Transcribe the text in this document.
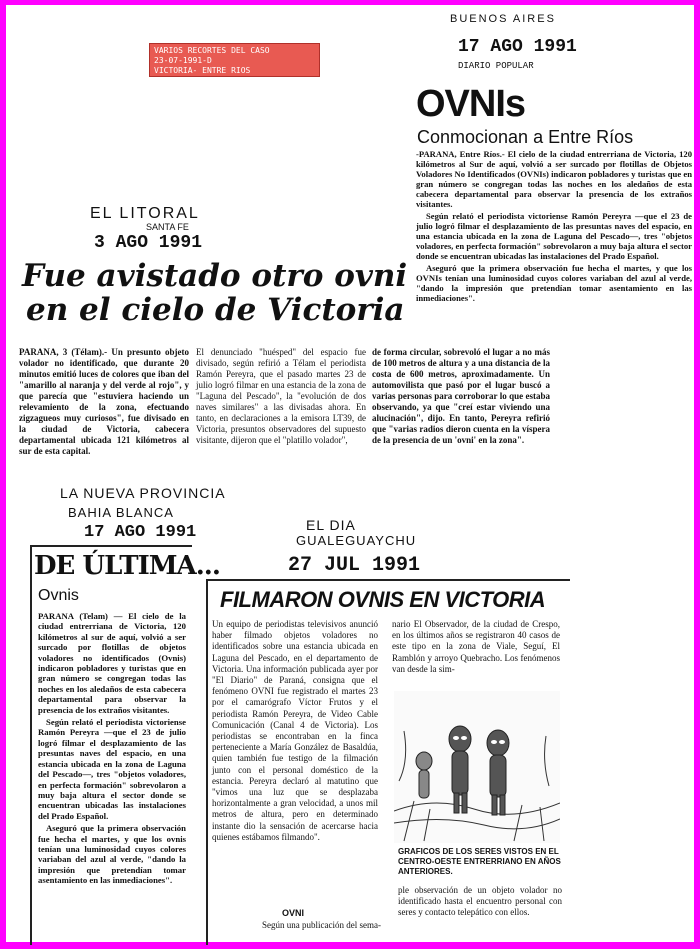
VARIOS RECORTES DEL CASO
23-07-1991-D
VICTORIA- ENTRE RIOS
BUENOS AIRES
17 AGO 1991
DIARIO POPULAR
OVNIs
Conmocionan a Entre Ríos

-PARANA, Entre Ríos.- El cielo de la ciudad entrerriana de Victoria, 120 kilómetros al Sur de aquí, volvió a ser surcado por flotillas de Objetos Voladores No Identificados (OVNIs) indicaron pobladores y turistas que en gran número se congregan todas las noches en los aledaños de esta cabecera departamental para observar la presencia de los extraños visitantes.

Según relató el periodista victoriense Ramón Pereyra —que el 23 de julio logró filmar el desplazamiento de las presuntas naves del espacio, en una estancia ubicada en la zona de Laguna del Pescado—, tres "objetos voladores, en perfecta formación" sobrevolaron a muy baja altura el sector donde se encuentran ubicadas las instalaciones del Prado Español.

Aseguró que la primera observación fue hecha el martes, y que los OVNIs tenían una luminosidad cuyos colores variaban del azul al verde, "dando la impresión que pretendían tomar asentamiento en las inmediaciones".

EL LITORAL
SANTA FE
3 AGO 1991
Fue avistado otro ovni
en el cielo de Victoria
PARANA, 3 (Télam).- Un presunto objeto volador no identificado, que durante 20 minutos emitió luces de colores que iban del "amarillo al naranja y del verde al rojo", y que parecía que "estuviera haciendo un relevamiento de la zona, efectuando zigzagueos muy curiosos", fue divisado en la ciudad de Victoria, cabecera departamental ubicada 121 kilómetros al sur de esta capital.
El denunciado "huésped" del espacio fue divisado, según refirió a Télam el periodista Ramón Pereyra, que el pasado martes 23 de julio logró filmar en una estancia de la zona de "Laguna del Pescado", la "evolución de dos naves similares" a las divisadas ahora. En tanto, en declaraciones a la emisora LT39, de Victoria, presuntos observadores del supuesto visitante, dijeron que el "platillo volador",
de forma circular, sobrevoló el lugar a no más de 100 metros de altura y a una distancia de la costa de 600 metros, aproximadamente. Un automovilista que pasó por el lugar buscó a varias personas para corroborar lo que estaba observando, ya que "creí estar viviendo una alucinación", dijo. En tanto, Pereyra refirió que "varias radios dieron cuenta en la víspera de la presencia de un 'ovni' en la zona".
LA NUEVA PROVINCIA
BAHIA BLANCA
17 AGO 1991
DE ÚLTIMA...
Ovnis

PARANA (Telam) — El cielo de la ciudad entrerriana de Victoria, 120 kilómetros al sur de aquí, volvió a ser surcado por flotillas de objetos voladores no identificados (Ovnis) indicaron pobladores y turistas que en gran número se congregan todas las noches en los aledaños de esta cabecera departamental para observar la presencia de los extraños visitantes.

Según relató el periodista victoriense Ramón Pereyra —que el 23 de julio logró filmar el desplazamiento de las presuntas naves del espacio, en una estancia ubicada en la zona de Laguna del Pescado—, tres "objetos voladores, en perfecta formación" sobrevolaron a muy baja altura el sector donde se encuentran ubicadas las instalaciones del Prado Español.

Aseguró que la primera observación fue hecha el martes, y que los ovnis tenían una luminosidad cuyos colores variaban del azul al verde, "dando la impresión que pretendían tomar asentamiento en las inmediaciones".

EL DIA
GUALEGUAYCHU
27 JUL 1991
FILMARON OVNIS EN VICTORIA
Un equipo de periodistas televisivos anunció haber filmado objetos voladores no identificados sobre una estancia ubicada en Laguna del Pescado, en el departamento de Victoria. Una información publicada ayer por "El Diario" de Paraná, consigna que el fenómeno OVNI fue registrado el martes 23 por el camarógrafo Víctor Frutos y el periodista Ramón Pereyra, de Video Cable Comunicación (Canal 4 de Victoria). Los periodistas se encontraban en la finca perteneciente a María González de Basaldúa, quien también fue testigo de la filmación junto con el personal doméstico de la estancia. Pereyra declaró al matutino que "vimos una luz que se desplazaba horizontalmente a gran velocidad, a unos mil metros de altura, pero en determinado instante dio la sensación de acercarse hacia quienes estábamos filmando".
OVNI
Según una publicación del sema-
nario El Observador, de la ciudad de Crespo, en los últimos años se registraron 40 casos de este tipo en la zona de Viale, Seguí, El Ramblón y arroyo Quebracho. Los fenómenos van desde la sim-
GRAFICOS DE LOS SERES VISTOS EN EL CENTRO-OESTE ENTRERRIANO EN AÑOS ANTERIORES.
ple observación de un objeto volador no identificado hasta el encuentro personal con seres y contacto telepático con ellos.
